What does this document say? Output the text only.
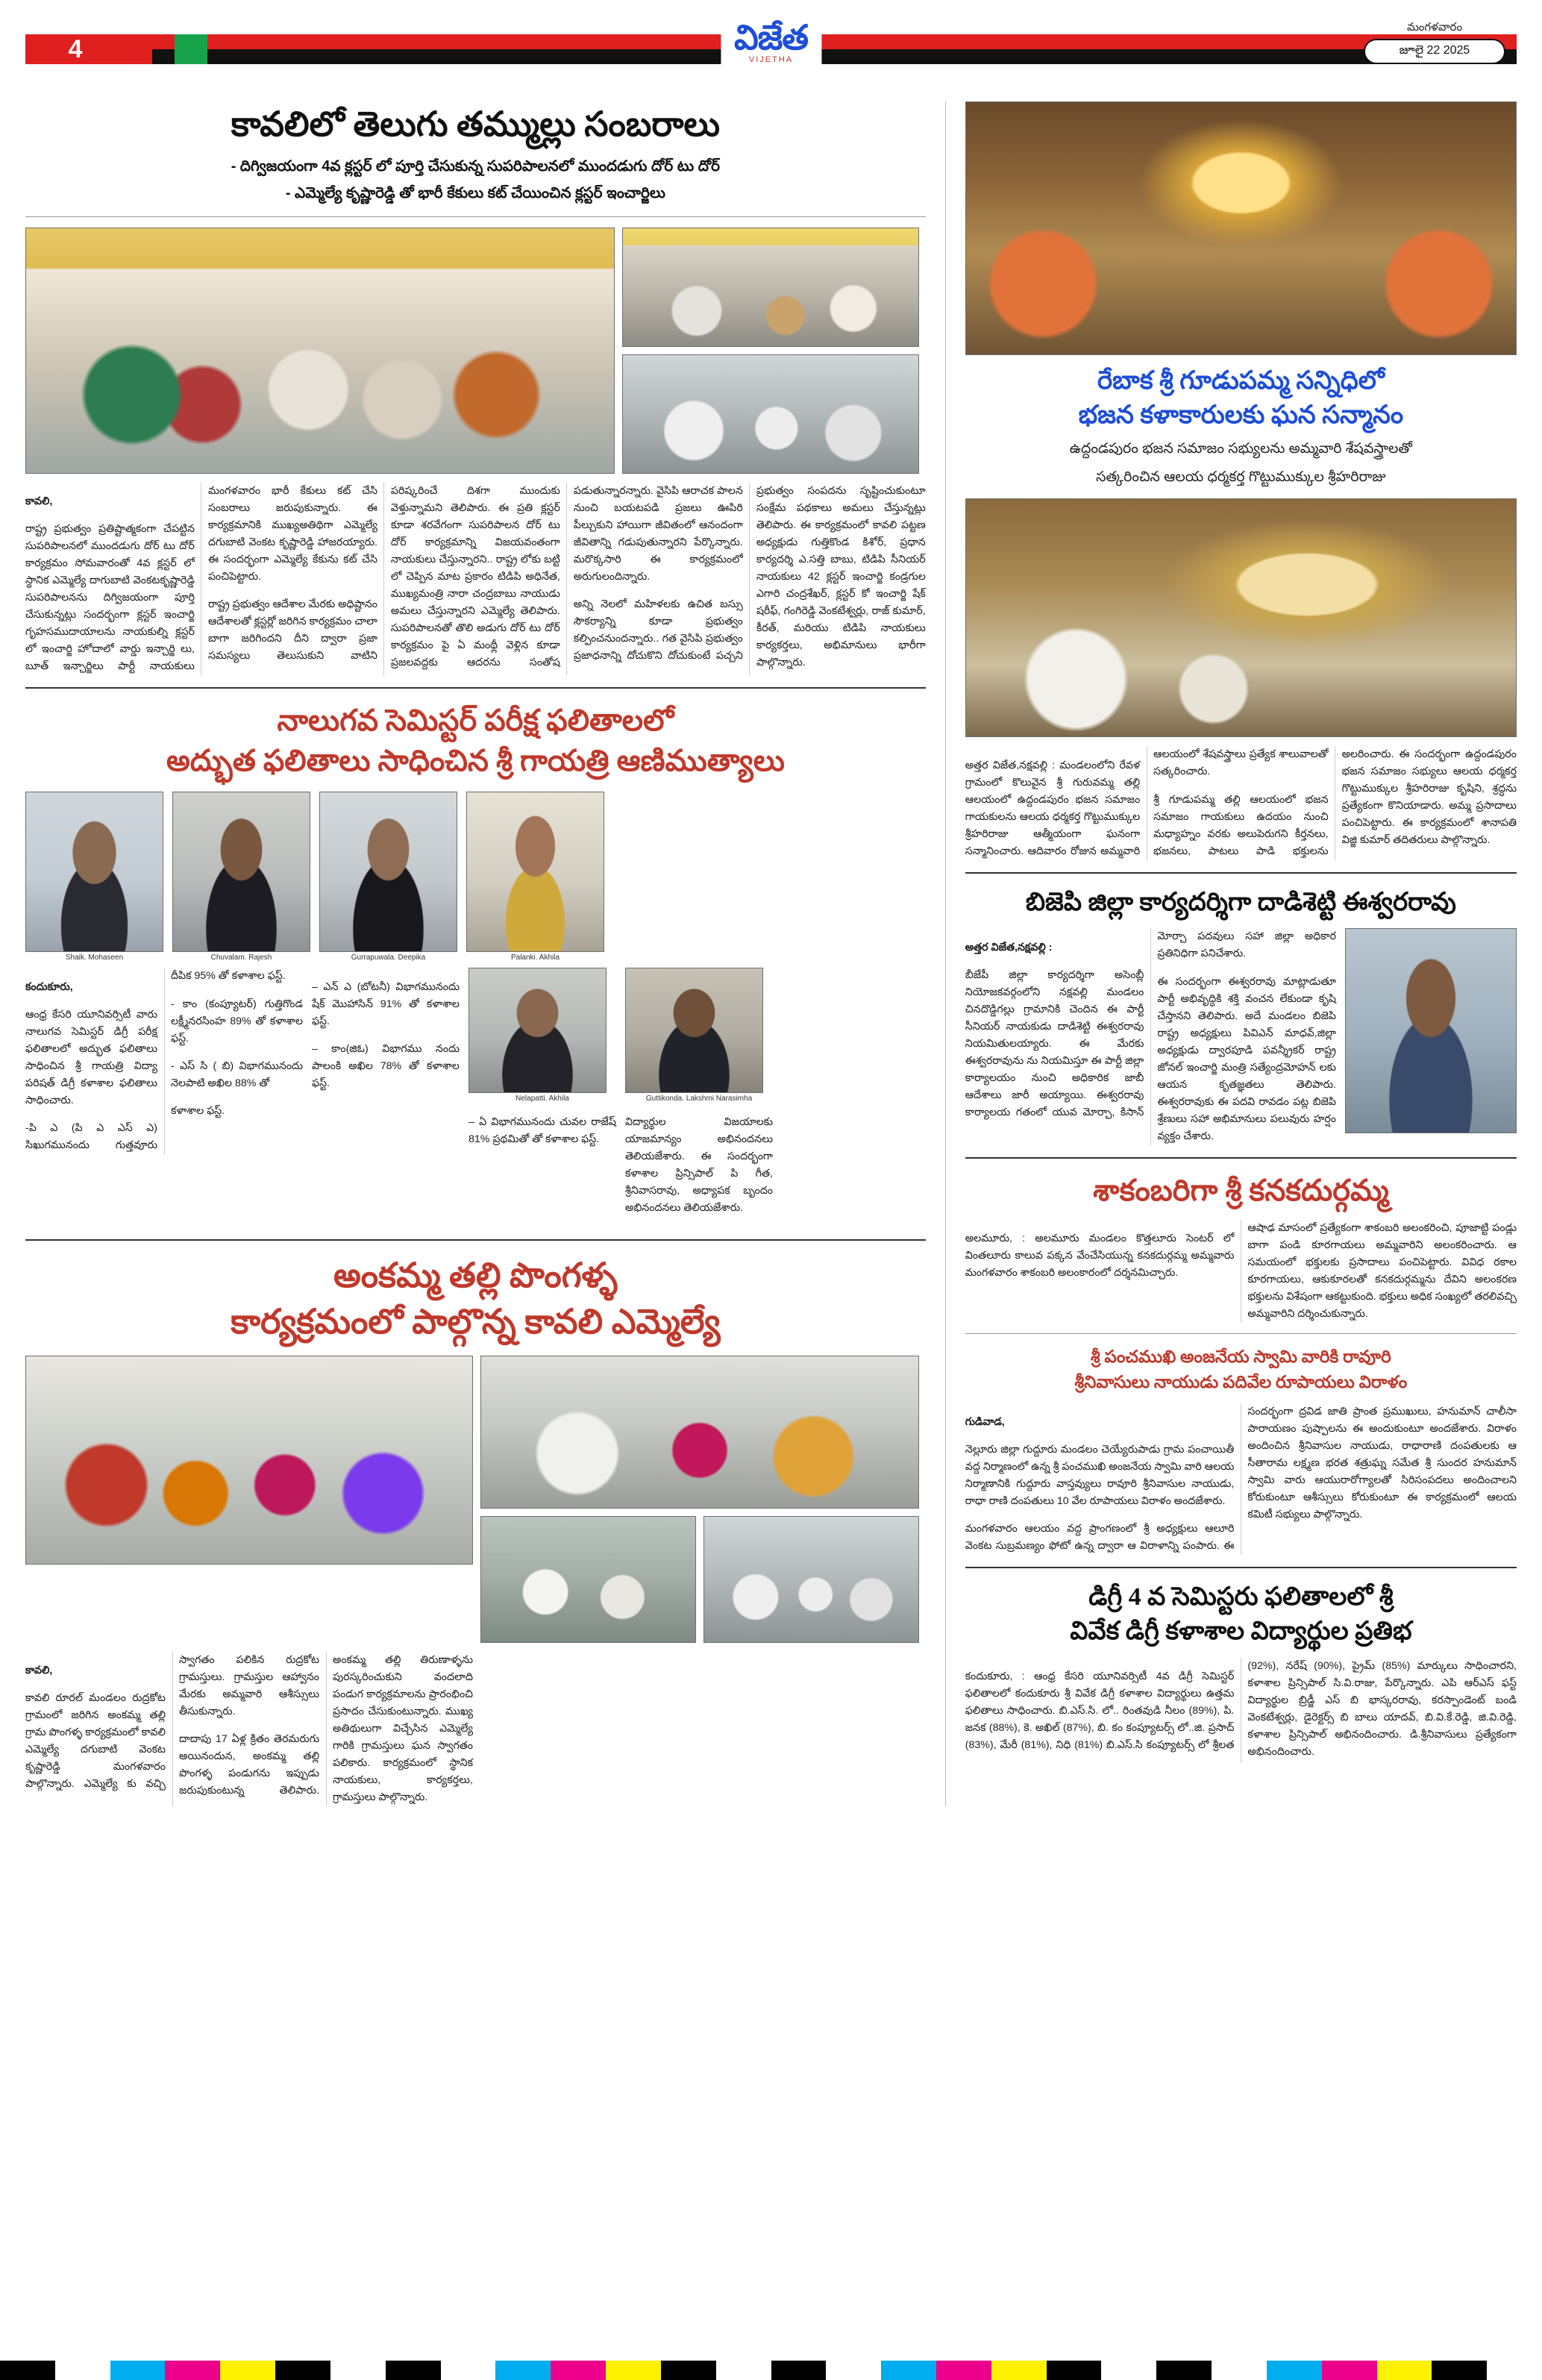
4	విజేత
VIJETHA
మంగళవారం
జూలై 22 2025
కావలిలో తెలుగు తమ్ముల్లు సంబరాలు
- దిగ్విజయంగా 4వ క్లస్టర్ లో పూర్తి చేసుకున్న సుపరిపాలనలో ముందడుగు దోర్ టు దోర్
- ఎమ్మెల్యే కృష్ణారెడ్డి తో భారీ కేకులు కట్ చేయించిన క్లస్టర్ ఇంచార్జిలు

కావలి,

రాష్ట్ర ప్రభుత్వం ప్రతిష్టాత్మకంగా చేపట్టిన సుపరిపాలనలో ముందడుగు దోర్ టు దోర్ కార్యక్రమం సోమవారంతో 4వ క్లస్టర్ లో స్థానిక ఎమ్మెల్యే దాగుబాటి వెంకటకృష్ణారెడ్డి సుపరిపాలనను దిగ్విజయంగా పూర్తి చేసుకున్నట్లు సందర్భంగా క్లస్టర్ ఇంచార్జి గృహసముదాయాలను నాయకుల్ని క్లస్టర్ లో ఇంచార్జి హోదాలో వార్డు ఇన్చార్జి లు, బూత్ ఇన్చార్జిలు పార్టీ నాయకులు మంగళవారం భారీ కేకులు కట్ చేసి సంబరాలు జరుపుకున్నారు. ఈ కార్యక్రమానికి ముఖ్యఅతిథిగా ఎమ్మెల్యే దగుబాటి వెంకట కృష్ణారెడ్డి హాజరయ్యారు. ఈ సందర్భంగా ఎమ్మెల్యే కేకును కట్ చేసి పంచిపెట్టారు.

రాష్ట్ర ప్రభుత్వం ఆదేశాల మేరకు అధిష్టానం ఆదేశాలతో క్లస్టర్లో జరిగిన కార్యక్రమం చాలా బాగా జరిగిందని దీని ద్వారా ప్రజా సమస్యలు తెలుసుకుని వాటిని పరిష్కరించే దిశగా ముందుకు వెళ్తున్నామని తెలిపారు. ఈ ప్రతి క్లస్టర్ కూడా శరవేగంగా సుపరిపాలన దోర్ టు దోర్ కార్యక్రమాన్ని విజయవంతంగా నాయకులు చేస్తున్నారని.. రాష్ట్ర లోకు బట్టి లో చెప్పిన మాట ప్రకారం టిడిపి అధినేత, ముఖ్యమంత్రి నారా చంద్రబాబు నాయుడు అమలు చేస్తున్నారని ఎమ్మెల్యే తెలిపారు. సుపరిపాలనతో తొలి అడుగు దోర్ టు దోర్ కార్యక్రమం పై ఏ మంథ్లీ వెళ్లిన కూడా ప్రజలవద్దకు ఆదరను సంతోష పడుతున్నారన్నారు. వైసిపి ఆరాచక పాలన నుంచి బయటపడి ప్రజలు ఊపిరి పీల్చుకుని హాయిగా జీవితంలో ఆనందంగా జీవితాన్ని గడుపుతున్నారని పేర్కొన్నారు. మరొక్కసారి ఈ కార్యక్రమంలో అరుగులందిన్నారు.

అన్ని నెలలో మహిళలకు ఉచిత బస్సు సౌకర్యాన్ని కూడా ప్రభుత్వం కల్పించనుందన్నారు.. గత వైసిపి ప్రభుత్వం ప్రజాధనాన్ని దోచుకొని దోచుకుంటే పచ్చని ప్రభుత్వం సంపదను సృష్టించుకుంటూ సంక్షేమ పథకాలు అమలు చేస్తున్నట్లు తెలిపారు. ఈ కార్యక్రమంలో కావలి పట్టణ అధ్యక్షుడు గుత్తికొండ కిశోర్, ప్రధాన కార్యదర్శి ఎ.సత్తి బాబు, టిడిపి సీనియర్ నాయకులు 42 క్లస్టర్ ఇంచార్జి కండ్రగుల ఎగారి చంద్రశేఖర్, క్లస్టర్ కో ఇంచార్జి షేక్ షరీఫ్, గంగిరెడ్డి వెంకటేశ్వర్లు, రాజ్ కుమార్, కీరత్, మరియు టిడిపి నాయకులు కార్యకర్తలు, అభిమానులు భారీగా పాల్గొన్నారు.

నాలుగవ సెమిస్టర్ పరీక్ష ఫలితాలలో
అద్భుత ఫలితాలు సాధించిన శ్రీ గాయత్రి ఆణిముత్యాలు
Shaik. Mohaseen	Chuvalam. Rajesh	Gurrapuwala. Deepika	Palanki. Akhila

కందుకూరు,

ఆంధ్ర కేసరి యూనివర్సిటీ వారు నాలుగవ సెమిస్టర్ డిగ్రీ పరీక్ష ఫలితాలలో అద్భుత ఫలితాలు సాధించిన శ్రీ గాయత్రి విద్యా పరిషత్ డిగ్రీ కళాశాల ఫలితాలు సాధించారు.

-పి ఎ (పి ఎ ఎస్ ఎ) సిఖుగమునందు గుత్తవూరు దీపిక 95% తో కళాశాల ఫస్ట్.

- కాం (కంప్యూటర్) గుత్తిగొండ లక్ష్మీనరసింహ 89% తో కళాశాల ఫస్ట్.

- ఎస్ సి ( బి) విభాగమునందు నెలపాటి అఖిల 88% తో

కళాశాల ఫస్ట్.

– ఎన్ ఎ (బోటనీ) విభాగమునందు షేక్ మొహాసిన్ 91% తో కళాశాల ఫస్ట్.

– కాం(జిఓ) విభాగము నందు పాలంకి అఖిల 78% తో కళాశాల ఫస్ట్.

Nelapatti. Akhila

– ఏ విభాగమునందు చువల రాజేష్ 81% ప్రథమితో తో కళాశాల ఫస్ట్.

Guttikonda. Lakshmi Narasimha

విద్యార్థుల విజయాలకు యాజమాన్యం అభినందనలు తెలియజేశారు. ఈ సందర్భంగా కళాశాల ప్రిన్సిపాల్ పి గీత, శ్రీనివాసరావు, అధ్యాపక బృందం అభినందనలు తెలియజేశారు.

అంకమ్మ తల్లి పొంగళ్ళ
కార్యక్రమంలో పాల్గొన్న కావలి ఎమ్మెల్యే

కావలి,

కావలి రూరల్ మండలం రుద్రకోట గ్రామంలో జరిగిన అంకమ్మ తల్లి గ్రామ పొంగళ్ళ కార్యక్రమంలో కావలి ఎమ్మెల్యే దగుబాటి వెంకట కృష్ణారెడ్డి మంగళవారం పాల్గొన్నారు. ఎమ్మెల్యే కు వచ్చి స్వాగతం పలికిన రుద్రకోట గ్రామస్తులు. గ్రామస్తుల ఆహ్వానం మేరకు అమ్మవారి ఆశీస్సులు తీసుకున్నారు.

దాదాపు 17 ఏళ్ల క్రితం తెరమరుగు అయినందున, అంకమ్మ తల్లి పొంగళ్ళ పండుగను ఇప్పుడు జరుపుకుంటున్న తెలిపారు. అంకమ్మ తల్లి తిరుణాళ్ళను పురస్కరించుకుని వందలాది పండుగ కార్యక్రమాలను ప్రారంభించి ప్రసాదం చేసుకుంటున్నారు. ముఖ్య అతిథులుగా విచ్చేసిన ఎమ్మెల్యే గారికి గ్రామస్తులు ఘన స్వాగతం పలికారు. కార్యక్రమంలో స్థానిక నాయకులు, కార్యకర్తలు, గ్రామస్తులు పాల్గొన్నారు.

రేబాక శ్రీ గూడుపమ్మ సన్నిధిలో
భజన కళాకారులకు ఘన సన్మానం
ఉద్దండపురం భజన సమాజం సభ్యులను అమ్మవారి శేషవస్త్రాలతో
సత్కరించిన ఆలయ ధర్మకర్త గొట్టుముక్కుల శ్రీహరిరాజు

అత్తర విజేత,నక్షవల్లి : మండలంలోని రేవళ గ్రామంలో కొలువైన శ్రీ గురువమ్మ తల్లి ఆలయంలో ఉద్దండపురం భజన సమాజం గాయకులను ఆలయ ధర్మకర్త గొట్టుముక్కుల శ్రీహరిరాజు ఆత్మీయంగా ఘనంగా సన్మానించారు. ఆదివారం రోజున అమ్మవారి ఆలయంలో శేషవస్త్రాలు ప్రత్యేక శాలువాలతో సత్కరించారు.

శ్రీ గూడుపమ్మ తల్లి ఆలయంలో భజన సమాజం గాయకులు ఉదయం నుంచి మధ్యాహ్నం వరకు అలుపెరుగని కీర్తనలు, భజనలు, పాటలు పాడి భక్తులను అలరించారు. ఈ సందర్భంగా ఉద్దండపురం భజన సమాజం సభ్యులు ఆలయ ధర్మకర్త గొట్టుముక్కుల శ్రీహరిరాజు కృషిని, శ్రద్ధను ప్రత్యేకంగా కొనియాడారు. అమ్మ ప్రసాదాలు పంచిపెట్టారు. ఈ కార్యక్రమంలో శానాపతి విజ్జి కుమార్ తదితరులు పాల్గొన్నారు.

బిజెపి జిల్లా కార్యదర్శిగా దాడిశెట్టి ఈశ్వరరావు

అత్తర విజేత,నక్షవల్లి :

బీజేపీ జిల్లా కార్యదర్శిగా అసెంబ్లీ నియోజకవర్గంలోని నక్షవల్లి మండలం చినదొడ్డిగల్లు గ్రామానికి చెందిన ఈ పార్టీ సీనియర్ నాయకుడు దాడిశెట్టి ఈశ్వరరావు నియమితులయ్యారు. ఈ మేరకు ఈశ్వరరావును ను నియమిస్తూ ఈ పార్టీ జిల్లా కార్యాలయం నుంచి అధికారిక జాబీ ఆదేశాలు జారీ అయ్యాయి. ఈశ్వరరావు కార్యాలయ గతంలో యువ మోర్చా, కిసాన్ మోర్చా పదవులు సహా జిల్లా అధికార ప్రతినిధిగా పనిచేశారు.

ఈ సందర్భంగా ఈశ్వరరావు మాట్లాడుతూ పార్టీ అభివృద్ధికి శక్తి వంచన లేకుండా కృషి చేస్తానని తెలిపారు. అదే మండలం బిజెపి రాష్ట్ర అధ్యక్షులు పివిఎన్ మాధవ్,జిల్లా అధ్యక్షుడు ద్వారపూడి పవన్శ్రీకర్ రాష్ట్ర జోనల్ ఇంచార్జి మంత్రి సత్యేంద్రమోహన్ లకు ఆయన కృతజ్ఞతలు తెలిపారు. ఈశ్వరరావుకు ఈ పదవి రావడం పట్ల బిజెపి శ్రేణులు సహా అభిమానులు పలువురు హర్షం వ్యక్తం చేశారు.

శాకంబరిగా శ్రీ కనకదుర్గమ్మ

అలమూరు, : అలమూరు మండలం కొత్తలూరు సెంటర్ లో వింతలూరు కాలువ పక్కన వేంచేసియున్న కనకదుర్గమ్మ అమ్మవారు మంగళవారం శాకంబరి అలంకారంలో దర్శనమిచ్చారు.

ఆషాఢ మాసంలో ప్రత్యేకంగా శాకంబరి అలంకరించి, పూజాట్టి పండ్లు బాగా పండి కూరగాయలు అమ్మవారిని అలంకరించారు. ఆ సమయంలో భక్తులకు ప్రసాదాలు పంచిపెట్టారు. వివిధ రకాల కూరగాయలు, ఆకుకూరలతో కనకదుర్గమ్మను దేవిని అలంకరణ భక్తులను విశేషంగా ఆకట్టుకుంది. భక్తులు అధిక సంఖ్యలో తరలివచ్చి అమ్మవారిని దర్శించుకున్నారు.

శ్రీ పంచముఖి అంజనేయ స్వామి వారికి రావూరి
శ్రీనివాసులు నాయుడు పదివేల రూపాయలు విరాళం

గుడివాడ,

నెల్లూరు జిల్లా గుద్దూరు మండలం చెయ్యేరుపాడు గ్రామ పంచాయితీ వద్ద నిర్మాణంలో ఉన్న శ్రీ పంచముఖి అంజనేయ స్వామి వారి ఆలయ నిర్మాణానికి గుద్దూరు వాస్తవ్యులు రావూరి శ్రీనివాసుల నాయుడు, రాధా రాణి దంపతులు 10 వేల రూపాయలు విరాళం అందజేశారు.

మంగళవారం ఆలయం వద్ద ప్రాంగణంలో శ్రీ అధ్యక్షులు ఆలూరి వెంకట సుబ్రమణ్యం ఫోటో ఉన్న ద్వారా ఆ విరాళాన్ని పంపారు. ఈ సందర్భంగా ద్రవిడ జాతి ప్రాంత ప్రముఖులు, హనుమాన్ చాలీసా పారాయణం పుష్పాలను ఈ అందుకుంటూ అందజేశారు. విరాళం అందించిన శ్రీనివాసుల నాయుడు, రాధారాణి దంపతులకు ఆ సీతారామ లక్ష్మణ భరత శత్రుఘ్న సమేత శ్రీ సుందర హనుమాన్ స్వామి వారు ఆయురారోగ్యాలతో సిరిసంపదలు అందించాలని కోరుకుంటూ ఆశీస్సులు కోరుకుంటూ ఈ కార్యక్రమంలో ఆలయ కమిటీ సభ్యులు పాల్గొన్నారు.

డిగ్రీ 4 వ సెమిస్టరు ఫలితాలలో శ్రీ
వివేక డిగ్రీ కళాశాల విద్యార్థుల ప్రతిభ

కందుకూరు, : ఆంధ్ర కేసరి యూనివర్సిటీ 4వ డిగ్రీ సెమిస్టర్ ఫలితాలలో కందుకూరు శ్రీ వివేక డిగ్రీ కళాశాల విద్యార్థులు ఉత్తమ ఫలితాలు సాధించారు. బి.ఎస్.సి. లో.. రింతవుడి నీలం (89%), పి. జనక (88%), కె. అఖిల్ (87%), బి. కం కంప్యూటర్స్ లో..జి. ప్రసాద్ (83%), మేరీ (81%), నిధి (81%) బి.ఎస్.సి కంప్యూటర్స్ లో శ్రీలత (92%), నరేష్ (90%), ప్రైమ్ (85%) మార్కులు సాధించారని, కళాశాల ప్రిన్సిపాల్ సి.వి.రాజు, పేర్కొన్నారు. ఎపి ఆర్ఎస్ ఫస్ట్ విద్యార్థుల బ్రిడ్జీ ఎస్ బి భాస్కరరావు, కరస్పాండెంట్ బండి వెంకటేశ్వర్లు, డైరెక్టర్స్ బి బాలు యాదవ్, బి.వి.కే.రెడ్డి, జి.వి.రెడ్డి, కళాశాల ప్రిన్సిపాల్ అభినందించారు. డి.శ్రీనివాసులు ప్రత్యేకంగా అభినందించారు.
